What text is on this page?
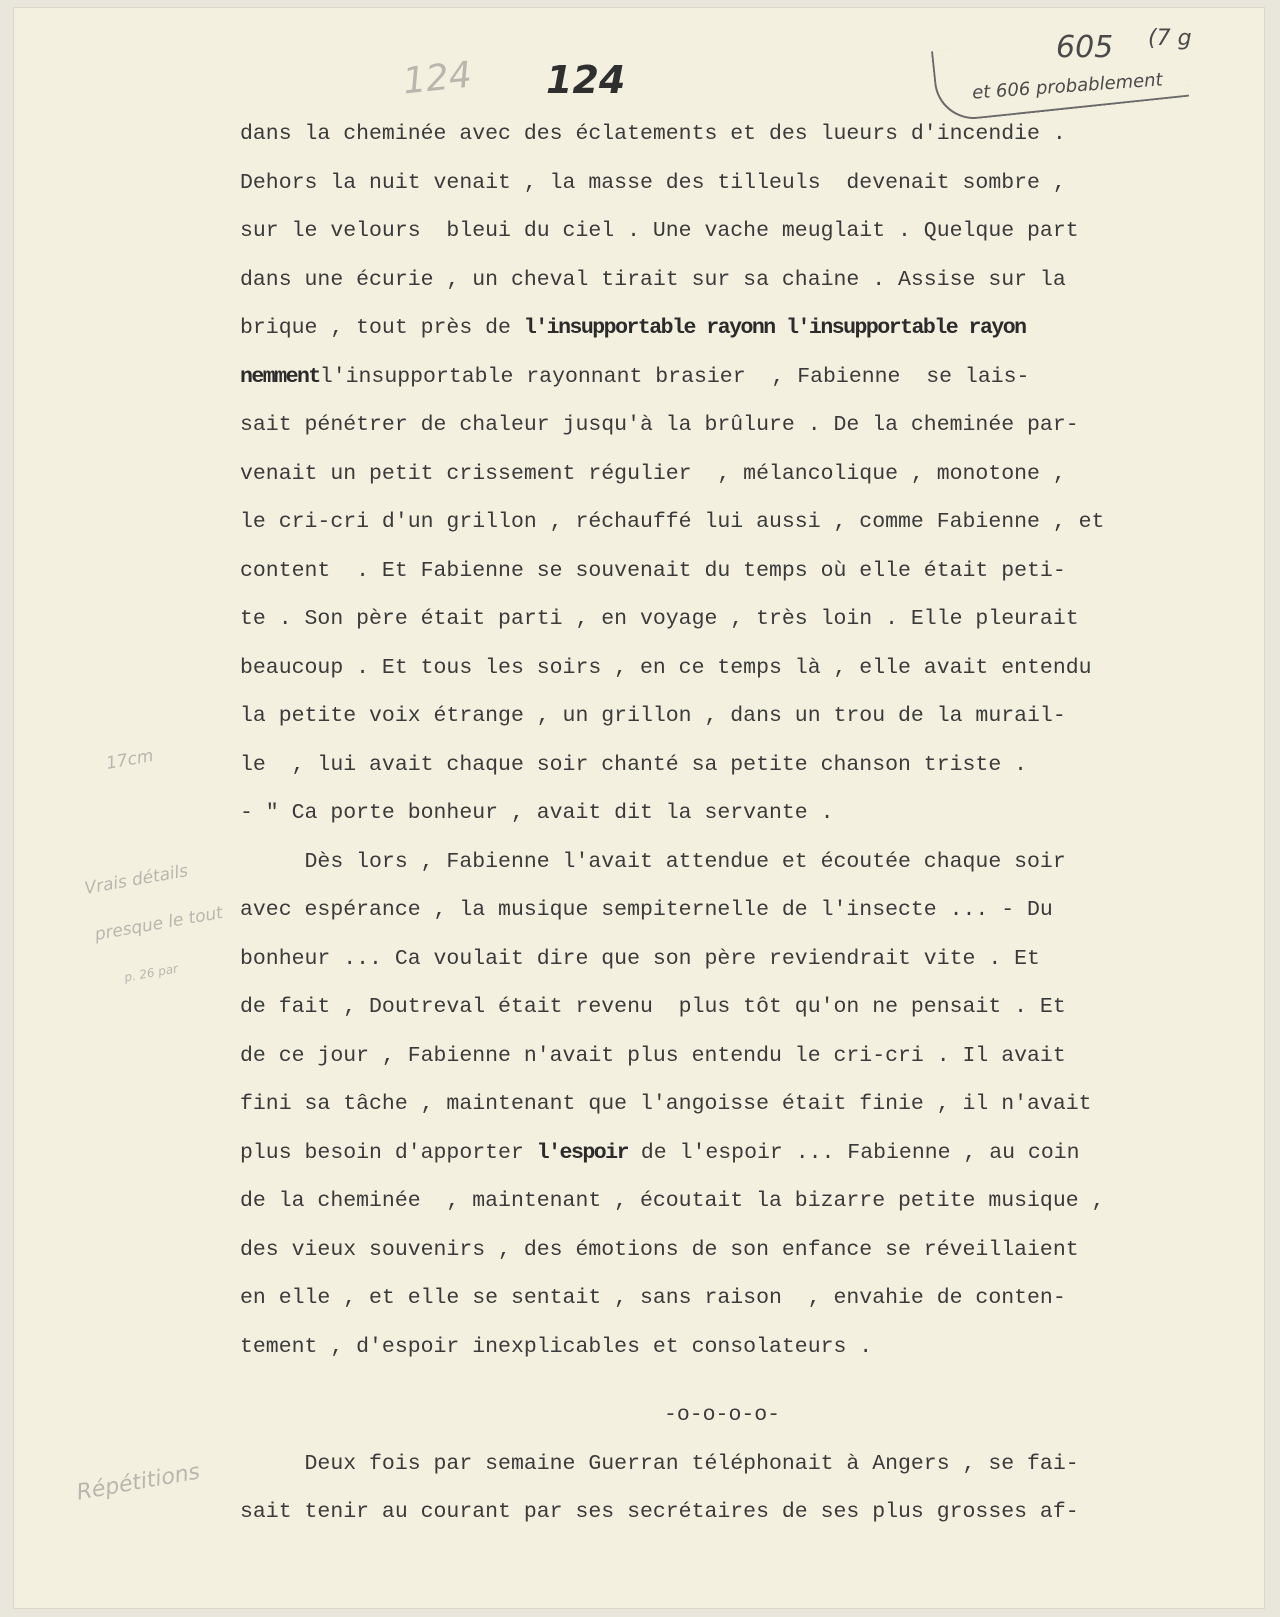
124 124
605 (7 g
et 606 probablement
17cm
Vrais détails
presque le tout
p. 26 par
Répétitions
dans la cheminée avec des éclatements et des lueurs d'incendie .
Dehors la nuit venait , la masse des tilleuls  devenait sombre ,
sur le velours  bleui du ciel . Une vache meuglait . Quelque part
dans une écurie , un cheval tirait sur sa chaine . Assise sur la
brique , tout près de l'insupportable rayonn l'insupportable rayon
nemmentl'insupportable rayonnant brasier  , Fabienne  se lais-
sait pénétrer de chaleur jusqu'à la brûlure . De la cheminée par-
venait un petit crissement régulier  , mélancolique , monotone ,
le cri-cri d'un grillon , réchauffé lui aussi , comme Fabienne , et
content  . Et Fabienne se souvenait du temps où elle était peti-
te . Son père était parti , en voyage , très loin . Elle pleurait
beaucoup . Et tous les soirs , en ce temps là , elle avait entendu
la petite voix étrange , un grillon , dans un trou de la murail-
le  , lui avait chaque soir chanté sa petite chanson triste .
- " Ca porte bonheur , avait dit la servante .
Dès lors , Fabienne l'avait attendue et écoutée chaque soir
avec espérance , la musique sempiternelle de l'insecte ... - Du
bonheur ... Ca voulait dire que son père reviendrait vite . Et
de fait , Doutreval était revenu  plus tôt qu'on ne pensait . Et
de ce jour , Fabienne n'avait plus entendu le cri-cri . Il avait
fini sa tâche , maintenant que l'angoisse était finie , il n'avait
plus besoin d'apporter l'espoir de l'espoir ... Fabienne , au coin
de la cheminée  , maintenant , écoutait la bizarre petite musique ,
des vieux souvenirs , des émotions de son enfance se réveillaient
en elle , et elle se sentait , sans raison  , envahie de conten-
tement , d'espoir inexplicables et consolateurs .
-o-o-o-o-
Deux fois par semaine Guerran téléphonait à Angers , se fai-
sait tenir au courant par ses secrétaires de ses plus grosses af-
